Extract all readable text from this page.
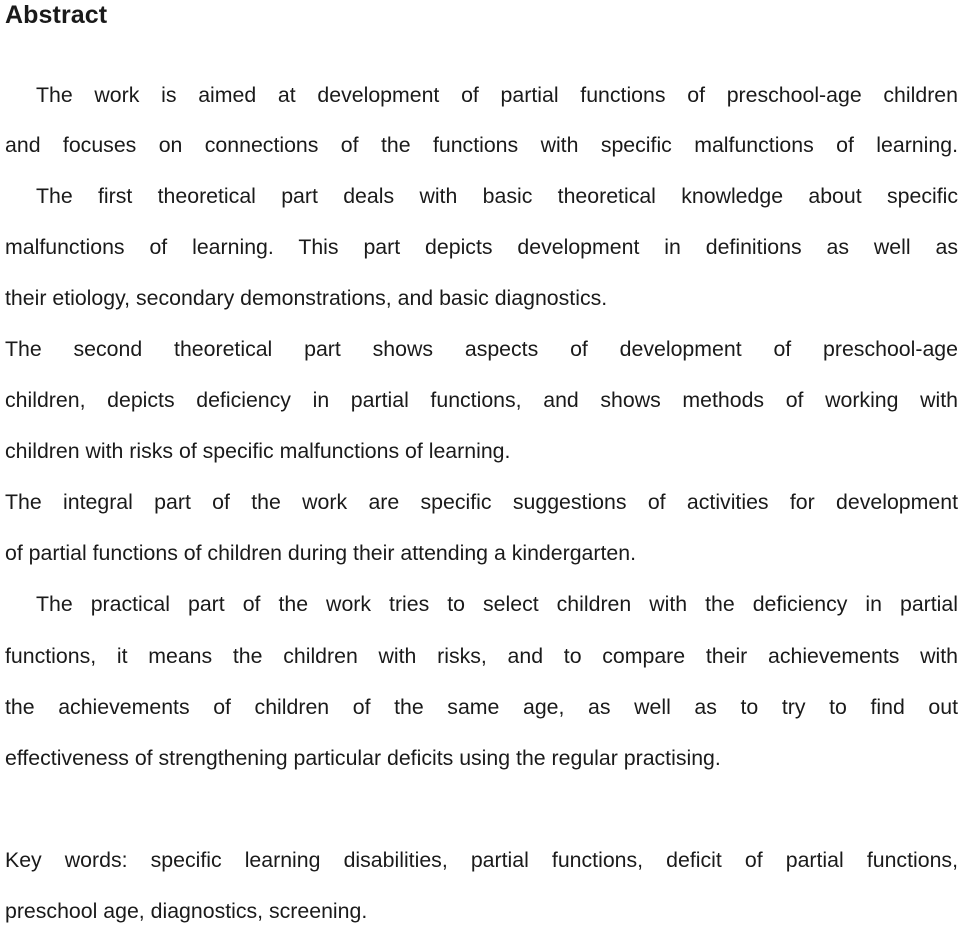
Abstract

The work is aimed at development of partial functions of preschool-age children

and focuses on connections of the functions with specific malfunctions of learning.

The first theoretical part deals with basic theoretical knowledge about specific

malfunctions of learning. This part depicts development in definitions as well as

their etiology, secondary demonstrations, and basic diagnostics.

The second theoretical part shows aspects of development of preschool-age

children, depicts deficiency in partial functions, and shows methods of working with

children with risks of specific malfunctions of learning.

The integral part of the work are specific suggestions of activities for development

of partial functions of children during their attending a kindergarten.

The practical part of the work tries to select children with the deficiency in partial

functions, it means the children with risks, and to compare their achievements with

the achievements of children of the same age, as well as to try to find out

effectiveness of strengthening particular deficits using the regular practising.

Key words: specific learning disabilities, partial functions, deficit of partial functions,

preschool age, diagnostics, screening.
